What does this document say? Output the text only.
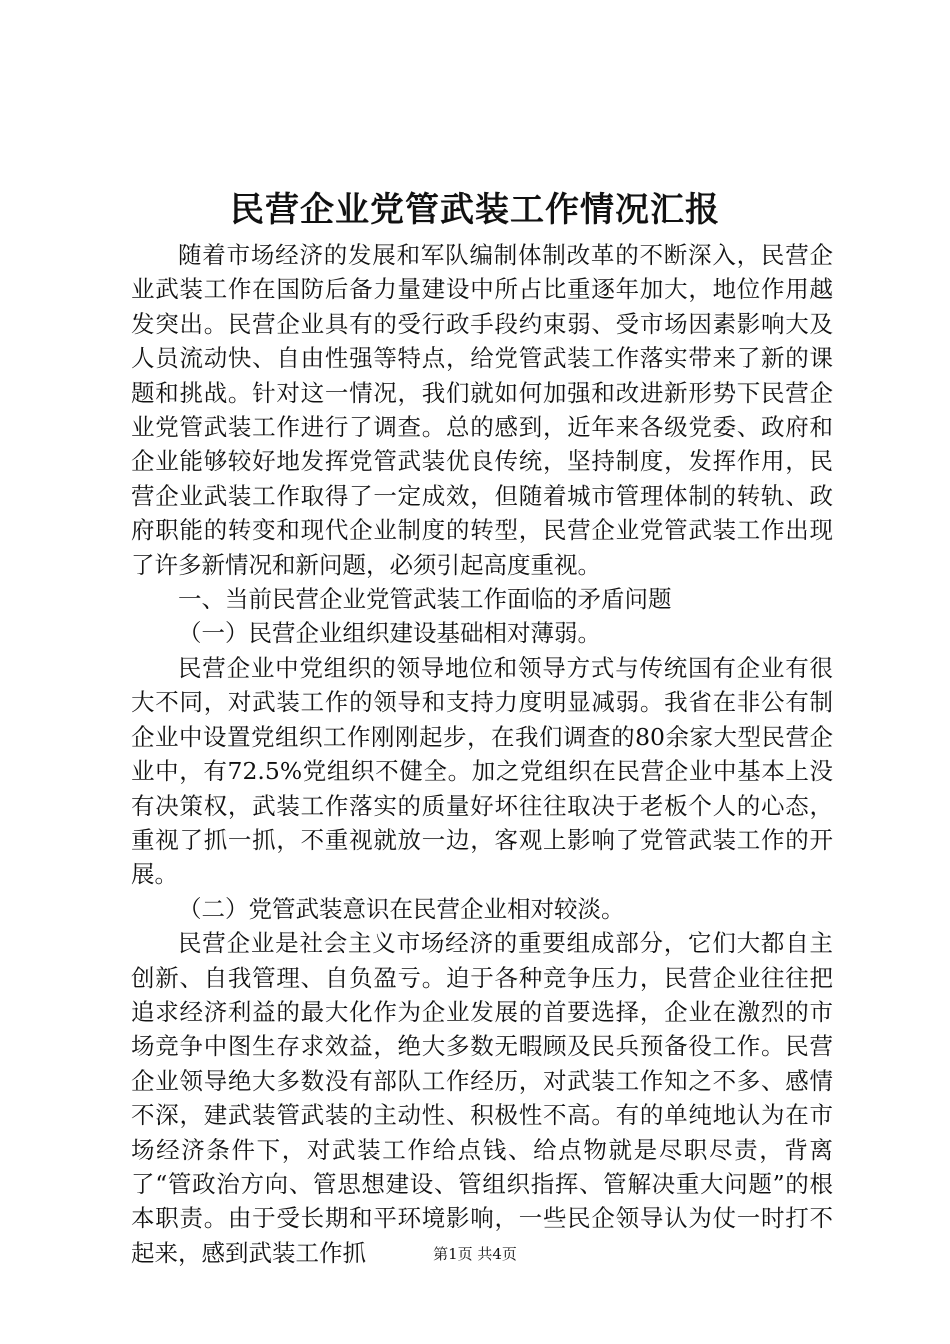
民营企业党管武装工作情况汇报

随着市场经济的发展和军队编制体制改革的不断深入，民营企业武装工作在国防后备力量建设中所占比重逐年加大，地位作用越发突出。民营企业具有的受行政手段约束弱、受市场因素影响大及人员流动快、自由性强等特点，给党管武装工作落实带来了新的课题和挑战。针对这一情况，我们就如何加强和改进新形势下民营企业党管武装工作进行了调查。总的感到，近年来各级党委、政府和企业能够较好地发挥党管武装优良传统，坚持制度，发挥作用，民营企业武装工作取得了一定成效，但随着城市管理体制的转轨、政府职能的转变和现代企业制度的转型，民营企业党管武装工作出现了许多新情况和新问题，必须引起高度重视。

一、当前民营企业党管武装工作面临的矛盾问题

（一）民营企业组织建设基础相对薄弱。

民营企业中党组织的领导地位和领导方式与传统国有企业有很大不同，对武装工作的领导和支持力度明显减弱。我省在非公有制企业中设置党组织工作刚刚起步，在我们调查的80余家大型民营企业中，有72.5%党组织不健全。加之党组织在民营企业中基本上没有决策权，武装工作落实的质量好坏往往取决于老板个人的心态，重视了抓一抓，不重视就放一边，客观上影响了党管武装工作的开展。

（二）党管武装意识在民营企业相对较淡。

民营企业是社会主义市场经济的重要组成部分，它们大都自主创新、自我管理、自负盈亏。迫于各种竞争压力，民营企业往往把追求经济利益的最大化作为企业发展的首要选择，企业在激烈的市场竞争中图生存求效益，绝大多数无暇顾及民兵预备役工作。民营企业领导绝大多数没有部队工作经历，对武装工作知之不多、感情不深，建武装管武装的主动性、积极性不高。有的单纯地认为在市场经济条件下，对武装工作给点钱、给点物就是尽职尽责，背离了“管政治方向、管思想建设、管组织指挥、管解决重大问题”的根本职责。由于受长期和平环境影响，一些民企领导认为仗一时打不起来，感到武装工作抓	第1页 共4页
